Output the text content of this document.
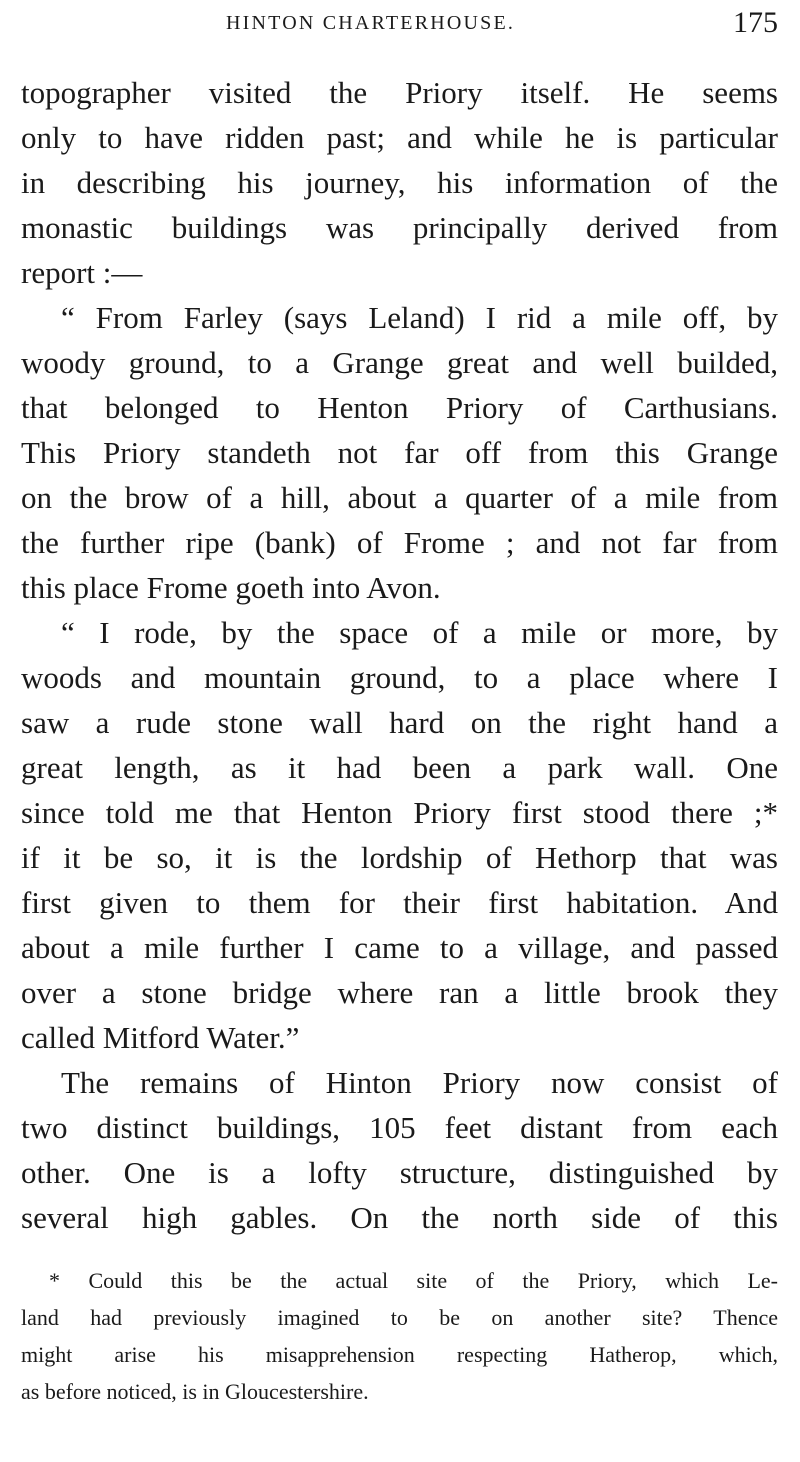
HINTON CHARTERHOUSE.	175
topographer visited the Priory itself. He seems
only to have ridden past; and while he is particular
in describing his journey, his information of the
monastic buildings was principally derived from
report :—
“ From Farley (says Leland) I rid a mile off, by
woody ground, to a Grange great and well builded,
that belonged to Henton Priory of Carthusians.
This Priory standeth not far off from this Grange
on the brow of a hill, about a quarter of a mile from
the further ripe (bank) of Frome ; and not far from
this place Frome goeth into Avon.
“ I rode, by the space of a mile or more, by
woods and mountain ground, to a place where I
saw a rude stone wall hard on the right hand a
great length, as it had been a park wall. One
since told me that Henton Priory first stood there ;*
if it be so, it is the lordship of Hethorp that was
first given to them for their first habitation. And
about a mile further I came to a village, and passed
over a stone bridge where ran a little brook they
called Mitford Water.”
The remains of Hinton Priory now consist of
two distinct buildings, 105 feet distant from each
other. One is a lofty structure, distinguished by
several high gables. On the north side of this
* Could this be the actual site of the Priory, which Le-
land had previously imagined to be on another site? Thence
might arise his misapprehension respecting Hatherop, which,
as before noticed, is in Gloucestershire.
